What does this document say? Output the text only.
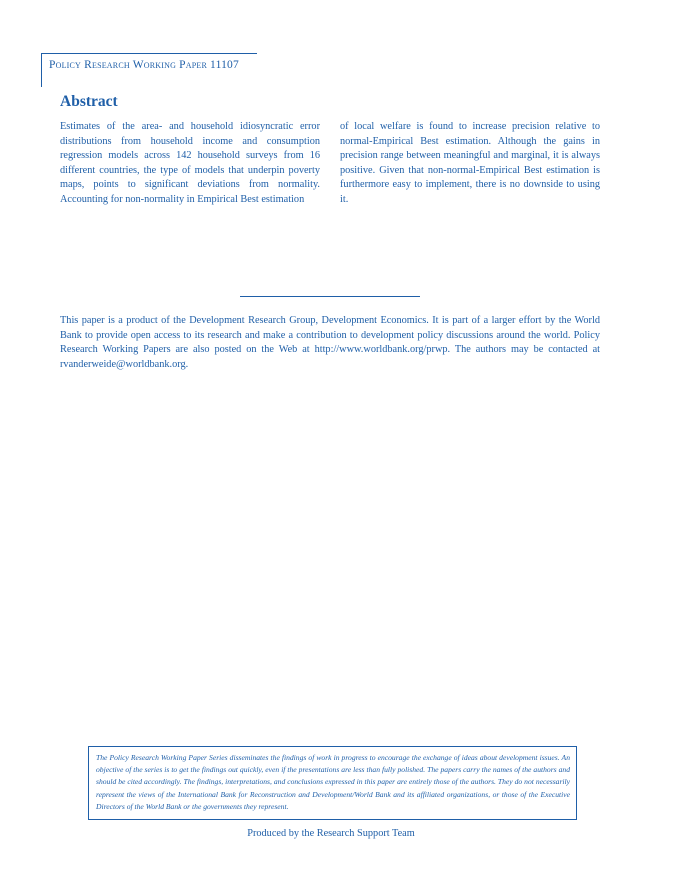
Policy Research Working Paper 11107
Abstract

Estimates of the area- and household idiosyncratic error distributions from household income and consumption regression models across 142 household surveys from 16 different countries, the type of models that underpin poverty maps, points to significant deviations from normality. Accounting for non-normality in Empirical Best estimation

of local welfare is found to increase precision relative to normal-Empirical Best estimation. Although the gains in precision range between meaningful and marginal, it is always positive. Given that non-normal-Empirical Best estimation is furthermore easy to implement, there is no downside to using it.

This paper is a product of the Development Research Group, Development Economics. It is part of a larger effort by the World Bank to provide open access to its research and make a contribution to development policy discussions around the world. Policy Research Working Papers are also posted on the Web at http://www.worldbank.org/prwp. The authors may be contacted at rvanderweide@worldbank.org.

The Policy Research Working Paper Series disseminates the findings of work in progress to encourage the exchange of ideas about development issues. An objective of the series is to get the findings out quickly, even if the presentations are less than fully polished. The papers carry the names of the authors and should be cited accordingly. The findings, interpretations, and conclusions expressed in this paper are entirely those of the authors. They do not necessarily represent the views of the International Bank for Reconstruction and Development/World Bank and its affiliated organizations, or those of the Executive Directors of the World Bank or the governments they represent.

Produced by the Research Support Team
